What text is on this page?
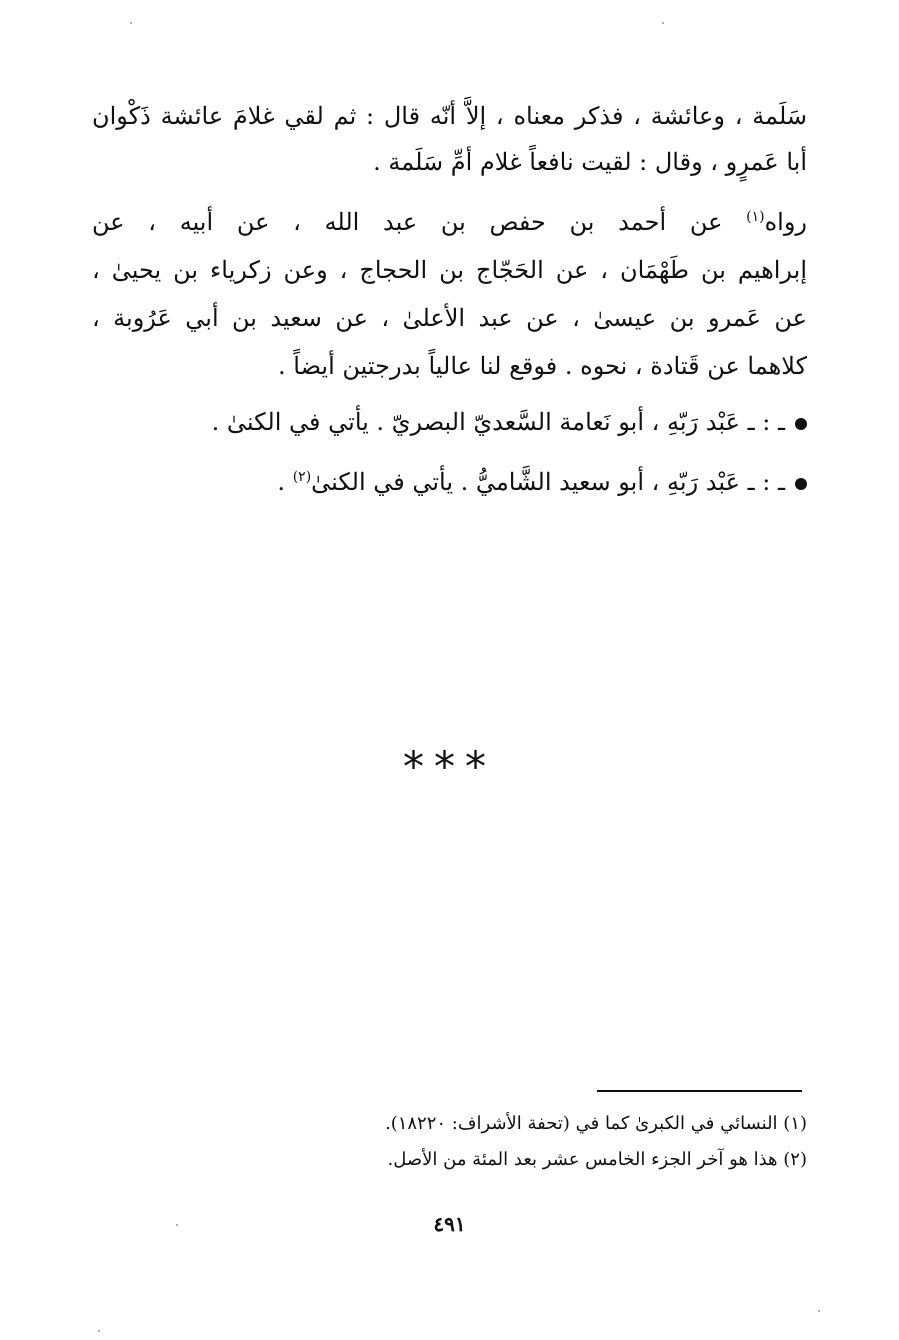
سَلَمة ، وعائشة ، فذكر معناه ، إلاَّ أنّه قال : ثم لقي غلامَ عائشة ذَكْوان
أبا عَمرٍو ، وقال : لقيت نافعاً غلام أمِّ سَلَمة .
رواه$^{(١)}$ عن أحمد بن حفص بن عبد الله ، عن أبيه ، عن
إبراهيم بن طَهْمَان ، عن الحَجّاج بن الحجاج ، وعن زكرياء بن يحيىٰ ،
عن عَمرو بن عيسىٰ ، عن عبد الأعلىٰ ، عن سعيد بن أبي عَرُوبة ،
كلاهما عن قَتادة ، نحوه . فوقع لنا عالياً بدرجتين أيضاً .
ـ : ـ عَبْد رَبّهِ ، أبو نَعامة السَّعديّ البصريّ . يأتي في الكنىٰ .
ـ : ـ عَبْد رَبّهِ ، أبو سعيد الشَّاميُّ . يأتي في الكنىٰ$^{(٢)}$ .
***
(١) النسائي في الكبرىٰ كما في (تحفة الأشراف: ١٨٢٢٠).
(٢) هذا هو آخر الجزء الخامس عشر بعد المئة من الأصل.
٤٩١
